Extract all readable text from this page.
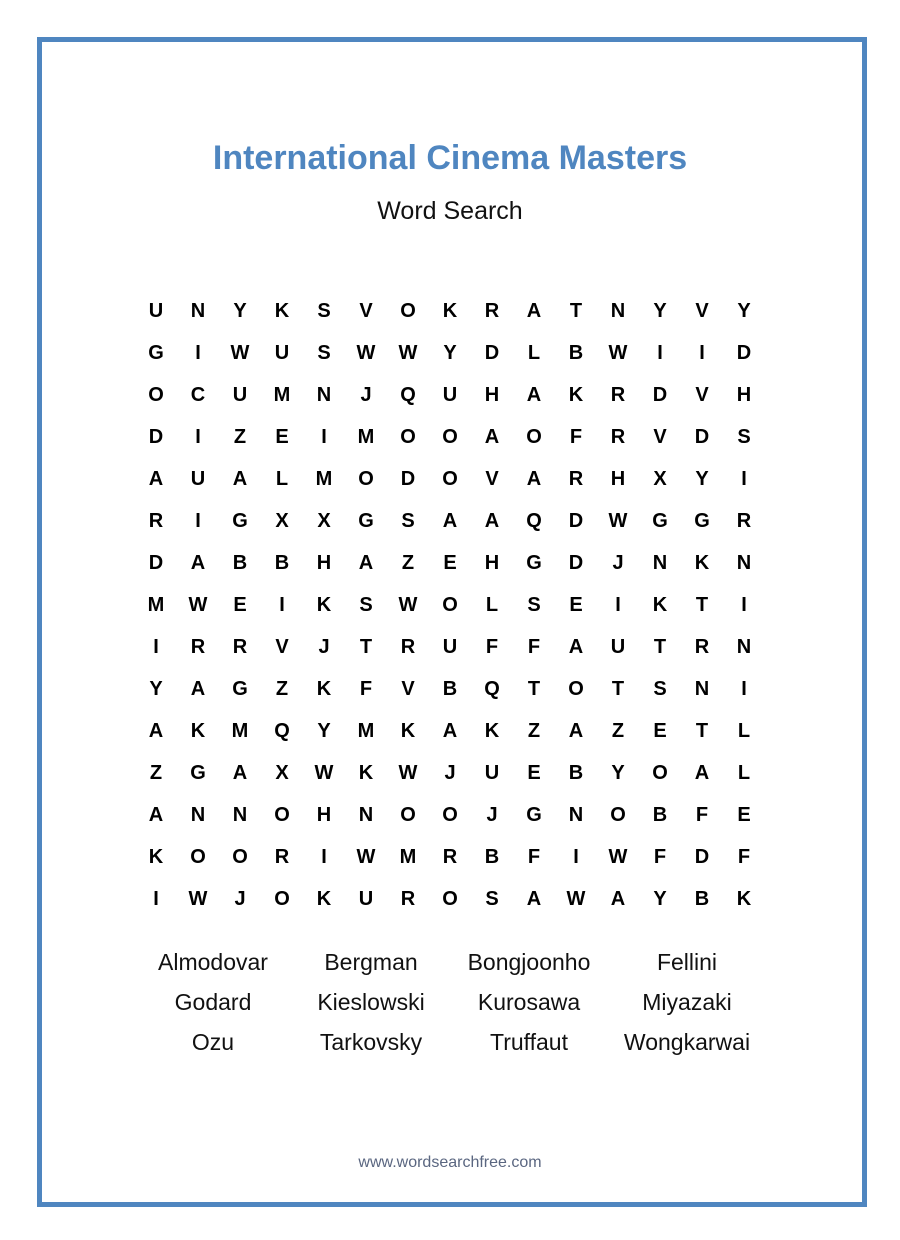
International Cinema Masters
Word Search
U	N	Y	K	S	V	O	K	R	A	T	N	Y	V	Y
G	I	W	U	S	W	W	Y	D	L	B	W	I	I	D
O	C	U	M	N	J	Q	U	H	A	K	R	D	V	H
D	I	Z	E	I	M	O	O	A	O	F	R	V	D	S
A	U	A	L	M	O	D	O	V	A	R	H	X	Y	I
R	I	G	X	X	G	S	A	A	Q	D	W	G	G	R
D	A	B	B	H	A	Z	E	H	G	D	J	N	K	N
M	W	E	I	K	S	W	O	L	S	E	I	K	T	I
I	R	R	V	J	T	R	U	F	F	A	U	T	R	N
Y	A	G	Z	K	F	V	B	Q	T	O	T	S	N	I
A	K	M	Q	Y	M	K	A	K	Z	A	Z	E	T	L
Z	G	A	X	W	K	W	J	U	E	B	Y	O	A	L
A	N	N	O	H	N	O	O	J	G	N	O	B	F	E
K	O	O	R	I	W	M	R	B	F	I	W	F	D	F
I	W	J	O	K	U	R	O	S	A	W	A	Y	B	K
Almodovar	Bergman	Bongjoonho	Fellini
Godard	Kieslowski	Kurosawa	Miyazaki
Ozu	Tarkovsky	Truffaut	Wongkarwai
www.wordsearchfree.com
